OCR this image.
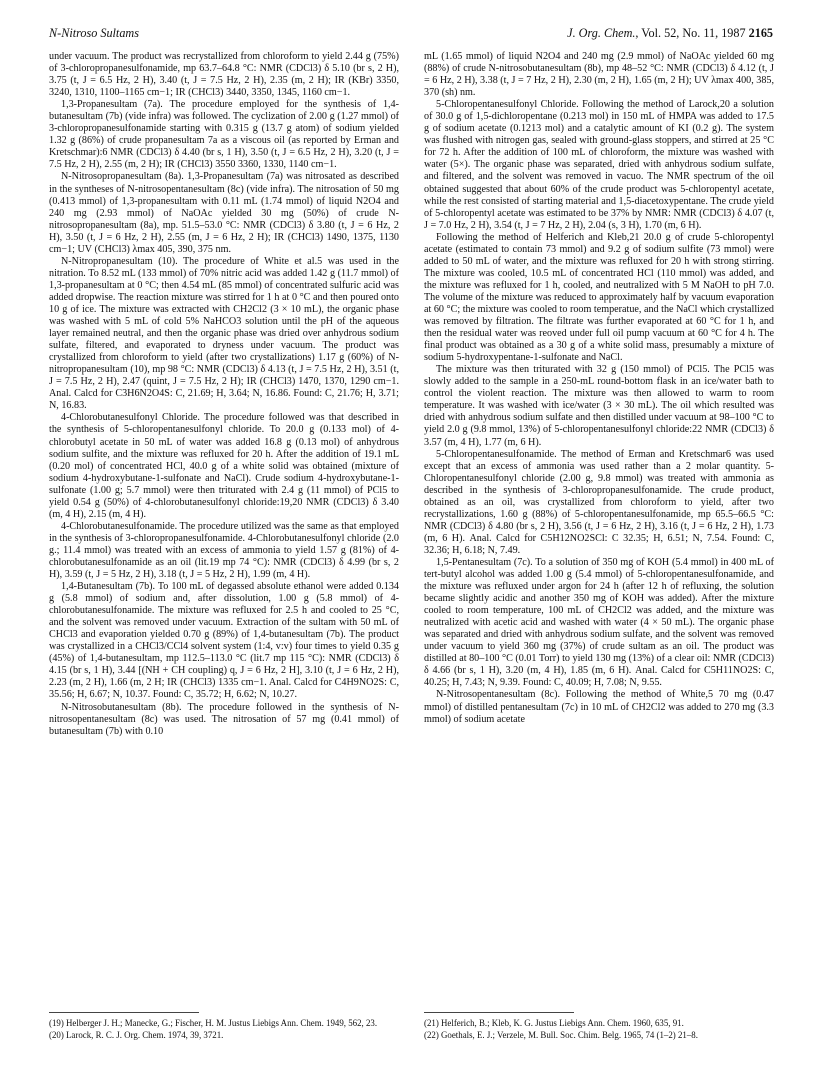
N-Nitroso Sultams	J. Org. Chem., Vol. 52, No. 11, 1987 2165

under vacuum. The product was recrystallized from chloroform to yield 2.44 g (75%) of 3-chloropropanesulfonamide, mp 63.7–64.8 °C: NMR (CDCl3) δ 5.10 (br s, 2 H), 3.75 (t, J = 6.5 Hz, 2 H), 3.40 (t, J = 7.5 Hz, 2 H), 2.35 (m, 2 H); IR (KBr) 3350, 3240, 1310, 1100–1165 cm−1; IR (CHCl3) 3440, 3350, 1345, 1160 cm−1.

1,3-Propanesultam (7a). The procedure employed for the synthesis of 1,4-butanesultam (7b) (vide infra) was followed. The cyclization of 2.00 g (1.27 mmol) of 3-chloropropanesulfonamide starting with 0.315 g (13.7 g atom) of sodium yielded 1.32 g (86%) of crude propanesultam 7a as a viscous oil (as reported by Erman and Kretschmar):6 NMR (CDCl3) δ 4.40 (br s, 1 H), 3.50 (t, J = 6.5 Hz, 2 H), 3.20 (t, J = 7.5 Hz, 2 H), 2.55 (m, 2 H); IR (CHCl3) 3550 3360, 1330, 1140 cm−1.

N-Nitrosopropanesultam (8a). 1,3-Propanesultam (7a) was nitrosated as described in the syntheses of N-nitrosopentanesultam (8c) (vide infra). The nitrosation of 50 mg (0.413 mmol) of 1,3-propanesultam with 0.11 mL (1.74 mmol) of liquid N2O4 and 240 mg (2.93 mmol) of NaOAc yielded 30 mg (50%) of crude N-nitrosopropanesultam (8a), mp. 51.5–53.0 °C: NMR (CDCl3) δ 3.80 (t, J = 6 Hz, 2 H), 3.50 (t, J = 6 Hz, 2 H), 2.55 (m, J = 6 Hz, 2 H); IR (CHCl3) 1490, 1375, 1130 cm−1; UV (CHCl3) λmax 405, 390, 375 nm.

N-Nitropropanesultam (10). The procedure of White et al.5 was used in the nitration. To 8.52 mL (133 mmol) of 70% nitric acid was added 1.42 g (11.7 mmol) of 1,3-propanesultam at 0 °C; then 4.54 mL (85 mmol) of concentrated sulfuric acid was added dropwise. The reaction mixture was stirred for 1 h at 0 °C and then poured onto 10 g of ice. The mixture was extracted with CH2Cl2 (3 × 10 mL), the organic phase was washed with 5 mL of cold 5% NaHCO3 solution until the pH of the aqueous layer remained neutral, and then the organic phase was dried over anhydrous sodium sulfate, filtered, and evaporated to dryness under vacuum. The product was crystallized from chloroform to yield (after two crystallizations) 1.17 g (60%) of N-nitropropanesultam (10), mp 98 °C: NMR (CDCl3) δ 4.13 (t, J = 7.5 Hz, 2 H), 3.51 (t, J = 7.5 Hz, 2 H), 2.47 (quint, J = 7.5 Hz, 2 H); IR (CHCl3) 1470, 1370, 1290 cm−1. Anal. Calcd for C3H6N2O4S: C, 21.69; H, 3.64; N, 16.86. Found: C, 21.76; H, 3.71; N, 16.83.

4-Chlorobutanesulfonyl Chloride. The procedure followed was that described in the synthesis of 5-chloropentanesulfonyl chloride. To 20.0 g (0.133 mol) of 4-chlorobutyl acetate in 50 mL of water was added 16.8 g (0.13 mol) of anhydrous sodium sulfite, and the mixture was refluxed for 20 h. After the addition of 19.1 mL (0.20 mol) of concentrated HCl, 40.0 g of a white solid was obtained (mixture of sodium 4-hydroxybutane-1-sulfonate and NaCl). Crude sodium 4-hydroxybutane-1-sulfonate (1.00 g; 5.7 mmol) were then triturated with 2.4 g (11 mmol) of PCl5 to yield 0.54 g (50%) of 4-chlorobutanesulfonyl chloride:19,20 NMR (CDCl3) δ 3.40 (m, 4 H), 2.15 (m, 4 H).

4-Chlorobutanesulfonamide. The procedure utilized was the same as that employed in the synthesis of 3-chloropropanesulfonamide. 4-Chlorobutanesulfonyl chloride (2.0 g.; 11.4 mmol) was treated with an excess of ammonia to yield 1.57 g (81%) of 4-chlorobutanesulfonamide as an oil (lit.19 mp 74 °C): NMR (CDCl3) δ 4.99 (br s, 2 H), 3.59 (t, J = 5 Hz, 2 H), 3.18 (t, J = 5 Hz, 2 H), 1.99 (m, 4 H).

1,4-Butanesultam (7b). To 100 mL of degassed absolute ethanol were added 0.134 g (5.8 mmol) of sodium and, after dissolution, 1.00 g (5.8 mmol) of 4-chlorobutanesulfonamide. The mixture was refluxed for 2.5 h and cooled to 25 °C, and the solvent was removed under vacuum. Extraction of the sultam with 50 mL of CHCl3 and evaporation yielded 0.70 g (89%) of 1,4-butanesultam (7b). The product was crystallized in a CHCl3/CCl4 solvent system (1:4, v:v) four times to yield 0.35 g (45%) of 1,4-butanesultam, mp 112.5–113.0 °C (lit.7 mp 115 °C): NMR (CDCl3) δ 4.15 (br s, 1 H), 3.44 [(NH + CH coupling) q, J = 6 Hz, 2 H], 3.10 (t, J = 6 Hz, 2 H), 2.23 (m, 2 H), 1.66 (m, 2 H; IR (CHCl3) 1335 cm−1. Anal. Calcd for C4H9NO2S: C, 35.56; H, 6.67; N, 10.37. Found: C, 35.72; H, 6.62; N, 10.27.

N-Nitrosobutanesultam (8b). The procedure followed in the synthesis of N-nitrosopentanesultam (8c) was used. The nitrosation of 57 mg (0.41 mmol) of butanesultam (7b) with 0.10

mL (1.65 mmol) of liquid N2O4 and 240 mg (2.9 mmol) of NaOAc yielded 60 mg (88%) of crude N-nitrosobutanesultam (8b), mp 48–52 °C: NMR (CDCl3) δ 4.12 (t, J = 6 Hz, 2 H), 3.38 (t, J = 7 Hz, 2 H), 2.30 (m, 2 H), 1.65 (m, 2 H); UV λmax 400, 385, 370 (sh) nm.

5-Chloropentanesulfonyl Chloride. Following the method of Larock,20 a solution of 30.0 g of 1,5-dichloropentane (0.213 mol) in 150 mL of HMPA was added to 17.5 g of sodium acetate (0.1213 mol) and a catalytic amount of KI (0.2 g). The system was flushed with nitrogen gas, sealed with ground-glass stoppers, and stirred at 25 °C for 72 h. After the addition of 100 mL of chloroform, the mixture was washed with water (5×). The organic phase was separated, dried with anhydrous sodium sulfate, and filtered, and the solvent was removed in vacuo. The NMR spectrum of the oil obtained suggested that about 60% of the crude product was 5-chloropentyl acetate, while the rest consisted of starting material and 1,5-diacetoxypentane. The crude yield of 5-chloropentyl acetate was estimated to be 37% by NMR: NMR (CDCl3) δ 4.07 (t, J = 7.0 Hz, 2 H), 3.54 (t, J = 7 Hz, 2 H), 2.04 (s, 3 H), 1.70 (m, 6 H).

Following the method of Helferich and Kleb,21 20.0 g of crude 5-chloropentyl acetate (estimated to contain 73 mmol) and 9.2 g of sodium sulfite (73 mmol) were added to 50 mL of water, and the mixture was refluxed for 20 h with strong stirring. The mixture was cooled, 10.5 mL of concentrated HCl (110 mmol) was added, and the mixture was refluxed for 1 h, cooled, and neutralized with 5 M NaOH to pH 7.0. The volume of the mixture was reduced to approximately half by vacuum evaporation at 60 °C; the mixture was cooled to room temperatue, and the NaCl which crystallized was removed by filtration. The filtrate was further evaporated at 60 °C for 1 h, and then the residual water was reoved under full oil pump vacuum at 60 °C for 4 h. The final product was obtained as a 30 g of a white solid mass, presumably a mixture of sodium 5-hydroxypentane-1-sulfonate and NaCl.

The mixture was then triturated with 32 g (150 mmol) of PCl5. The PCl5 was slowly added to the sample in a 250-mL round-bottom flask in an ice/water bath to control the violent reaction. The mixture was then allowed to warm to room temperature. It was washed with ice/water (3 × 30 mL). The oil which resulted was dried with anhydrous sodium sulfate and then distilled under vacuum at 98–100 °C to yield 2.0 g (9.8 mmol, 13%) of 5-chloropentanesulfonyl chloride:22 NMR (CDCl3) δ 3.57 (m, 4 H), 1.77 (m, 6 H).

5-Chloropentanesulfonamide. The method of Erman and Kretschmar6 was used except that an excess of ammonia was used rather than a 2 molar quantity. 5-Chloropentanesulfonyl chloride (2.00 g, 9.8 mmol) was treated with ammonia as described in the synthesis of 3-chloropropanesulfonamide. The crude product, obtained as an oil, was crystallized from chloroform to yield, after two recrystallizations, 1.60 g (88%) of 5-chloropentanesulfonamide, mp 65.5–66.5 °C: NMR (CDCl3) δ 4.80 (br s, 2 H), 3.56 (t, J = 6 Hz, 2 H), 3.16 (t, J = 6 Hz, 2 H), 1.73 (m, 6 H). Anal. Calcd for C5H12NO2SCl: C 32.35; H, 6.51; N, 7.54. Found: C, 32.36; H, 6.18; N, 7.49.

1,5-Pentanesultam (7c). To a solution of 350 mg of KOH (5.4 mmol) in 400 mL of tert-butyl alcohol was added 1.00 g (5.4 mmol) of 5-chloropentanesulfonamide, and the mixture was refluxed under argon for 24 h (after 12 h of refluxing, the solution became slightly acidic and another 350 mg of KOH was added). After the mixture cooled to room temperature, 100 mL of CH2Cl2 was added, and the mixture was neutralized with acetic acid and washed with water (4 × 50 mL). The organic phase was separated and dried with anhydrous sodium sulfate, and the solvent was removed under vacuum to yield 360 mg (37%) of crude sultam as an oil. The product was distilled at 80–100 °C (0.01 Torr) to yield 130 mg (13%) of a clear oil: NMR (CDCl3) δ 4.66 (br s, 1 H), 3.20 (m, 4 H), 1.85 (m, 6 H). Anal. Calcd for C5H11NO2S: C, 40.25; H, 7.43; N, 9.39. Found: C, 40.09; H, 7.08; N, 9.55.

N-Nitrosopentanesultam (8c). Following the method of White,5 70 mg (0.47 mmol) of distilled pentanesultam (7c) in 10 mL of CH2Cl2 was added to 270 mg (3.3 mmol) of sodium acetate

(19) Helberger J. H.; Manecke, G.; Fischer, H. M. Justus Liebigs Ann. Chem. 1949, 562, 23.

(20) Larock, R. C. J. Org. Chem. 1974, 39, 3721.

(21) Helferich, B.; Kleb, K. G. Justus Liebigs Ann. Chem. 1960, 635, 91.

(22) Goethals, E. J.; Verzele, M. Bull. Soc. Chim. Belg. 1965, 74 (1–2) 21–8.
